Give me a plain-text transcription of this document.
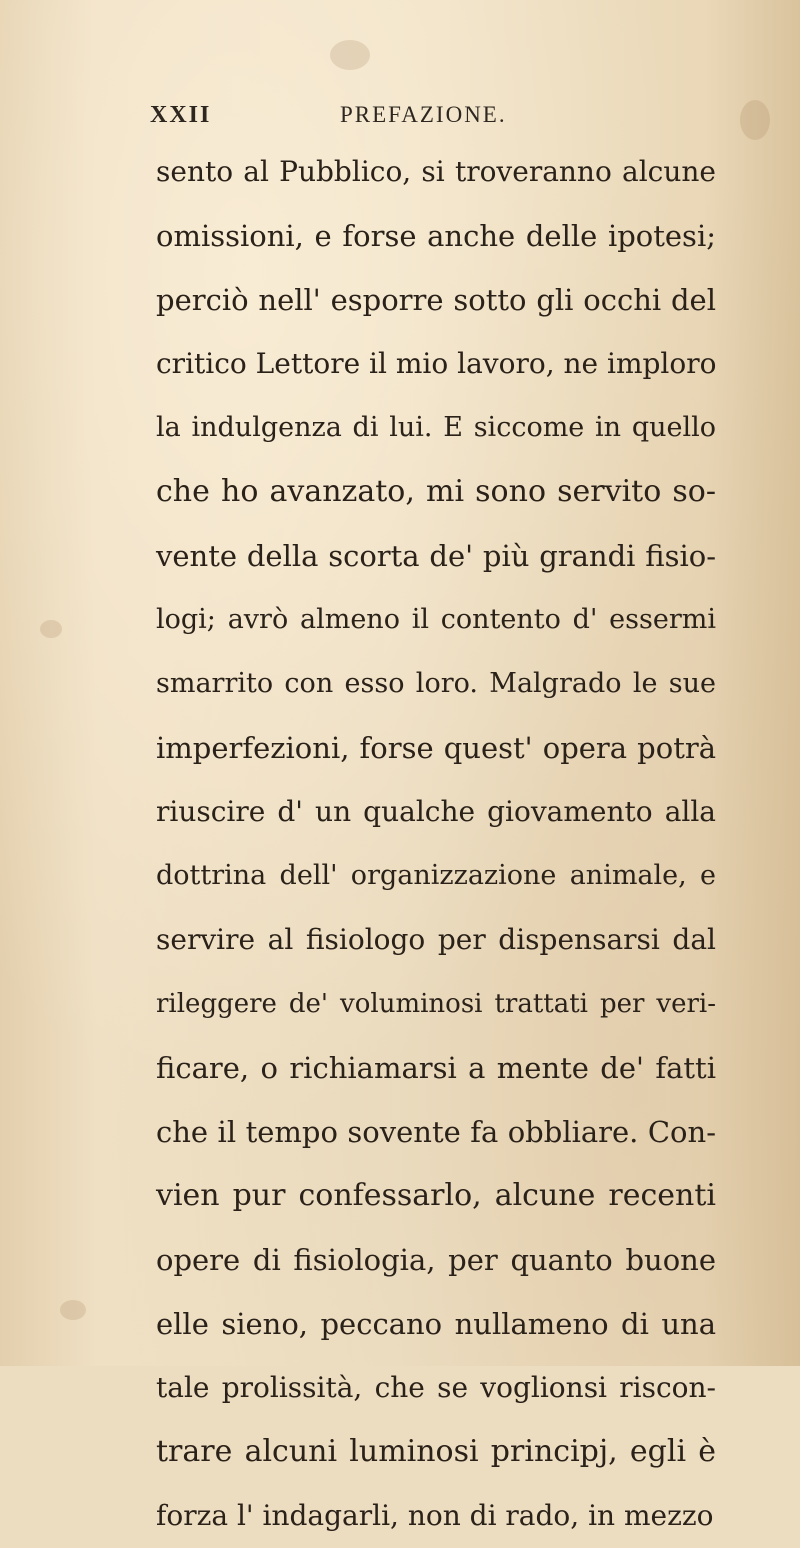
XXII	PREFAZIONE.
sento al Pubblico, si troveranno alcune
omissioni, e forse anche delle ipotesi;
perciò nell' esporre sotto gli occhi del
critico Lettore il mio lavoro, ne imploro
la indulgenza di lui. E siccome in quello
che ho avanzato, mi sono servito so-
vente della scorta de' più grandi fisio-
logi; avrò almeno il contento d' essermi
smarrito con esso loro. Malgrado le sue
imperfezioni, forse quest' opera potrà
riuscire d' un qualche giovamento alla
dottrina dell' organizzazione animale, e
servire al fisiologo per dispensarsi dal
rileggere de' voluminosi trattati per veri-
ficare, o richiamarsi a mente de' fatti
che il tempo sovente fa obbliare. Con-
vien pur confessarlo, alcune recenti
opere di fisiologia, per quanto buone
elle sieno, peccano nullameno di una
tale prolissità, che se voglionsi riscon-
trare alcuni luminosi principj, egli è
forza l' indagarli, non di rado, in mezzo
